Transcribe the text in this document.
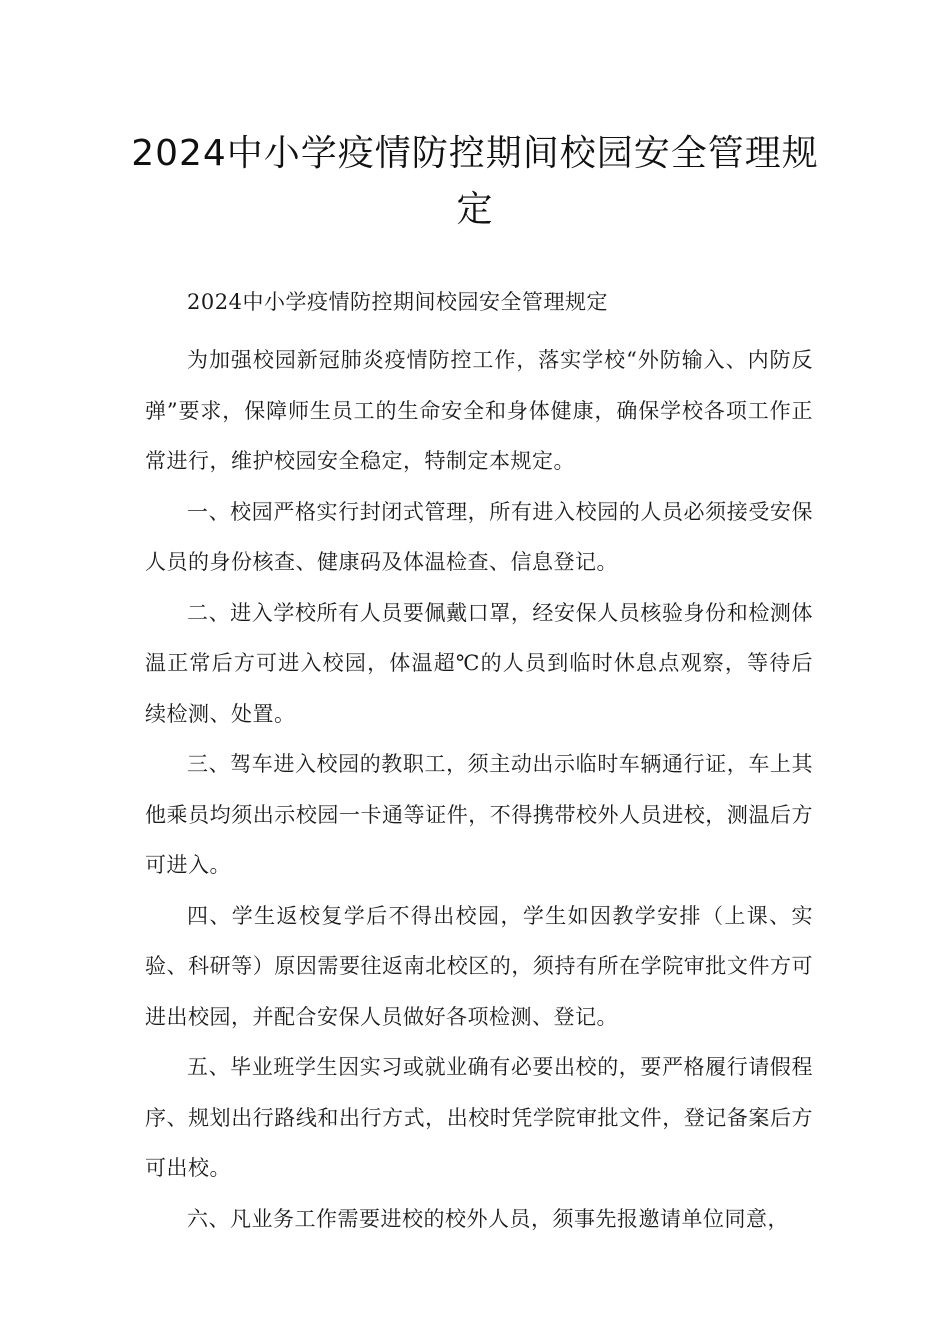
2024中小学疫情防控期间校园安全管理规定

2024中小学疫情防控期间校园安全管理规定

为加强校园新冠肺炎疫情防控工作，落实学校“外防输入、内防反弹”要求，保障师生员工的生命安全和身体健康，确保学校各项工作正常进行，维护校园安全稳定，特制定本规定。

一、校园严格实行封闭式管理，所有进入校园的人员必须接受安保人员的身份核查、健康码及体温检查、信息登记。

二、进入学校所有人员要佩戴口罩，经安保人员核验身份和检测体温正常后方可进入校园，体温超℃的人员到临时休息点观察，等待后续检测、处置。

三、驾车进入校园的教职工，须主动出示临时车辆通行证，车上其他乘员均须出示校园一卡通等证件，不得携带校外人员进校，测温后方可进入。

四、学生返校复学后不得出校园，学生如因教学安排（上课、实验、科研等）原因需要往返南北校区的，须持有所在学院审批文件方可进出校园，并配合安保人员做好各项检测、登记。

五、毕业班学生因实习或就业确有必要出校的，要严格履行请假程序、规划出行路线和出行方式，出校时凭学院审批文件，登记备案后方可出校。

六、凡业务工作需要进校的校外人员，须事先报邀请单位同意，
